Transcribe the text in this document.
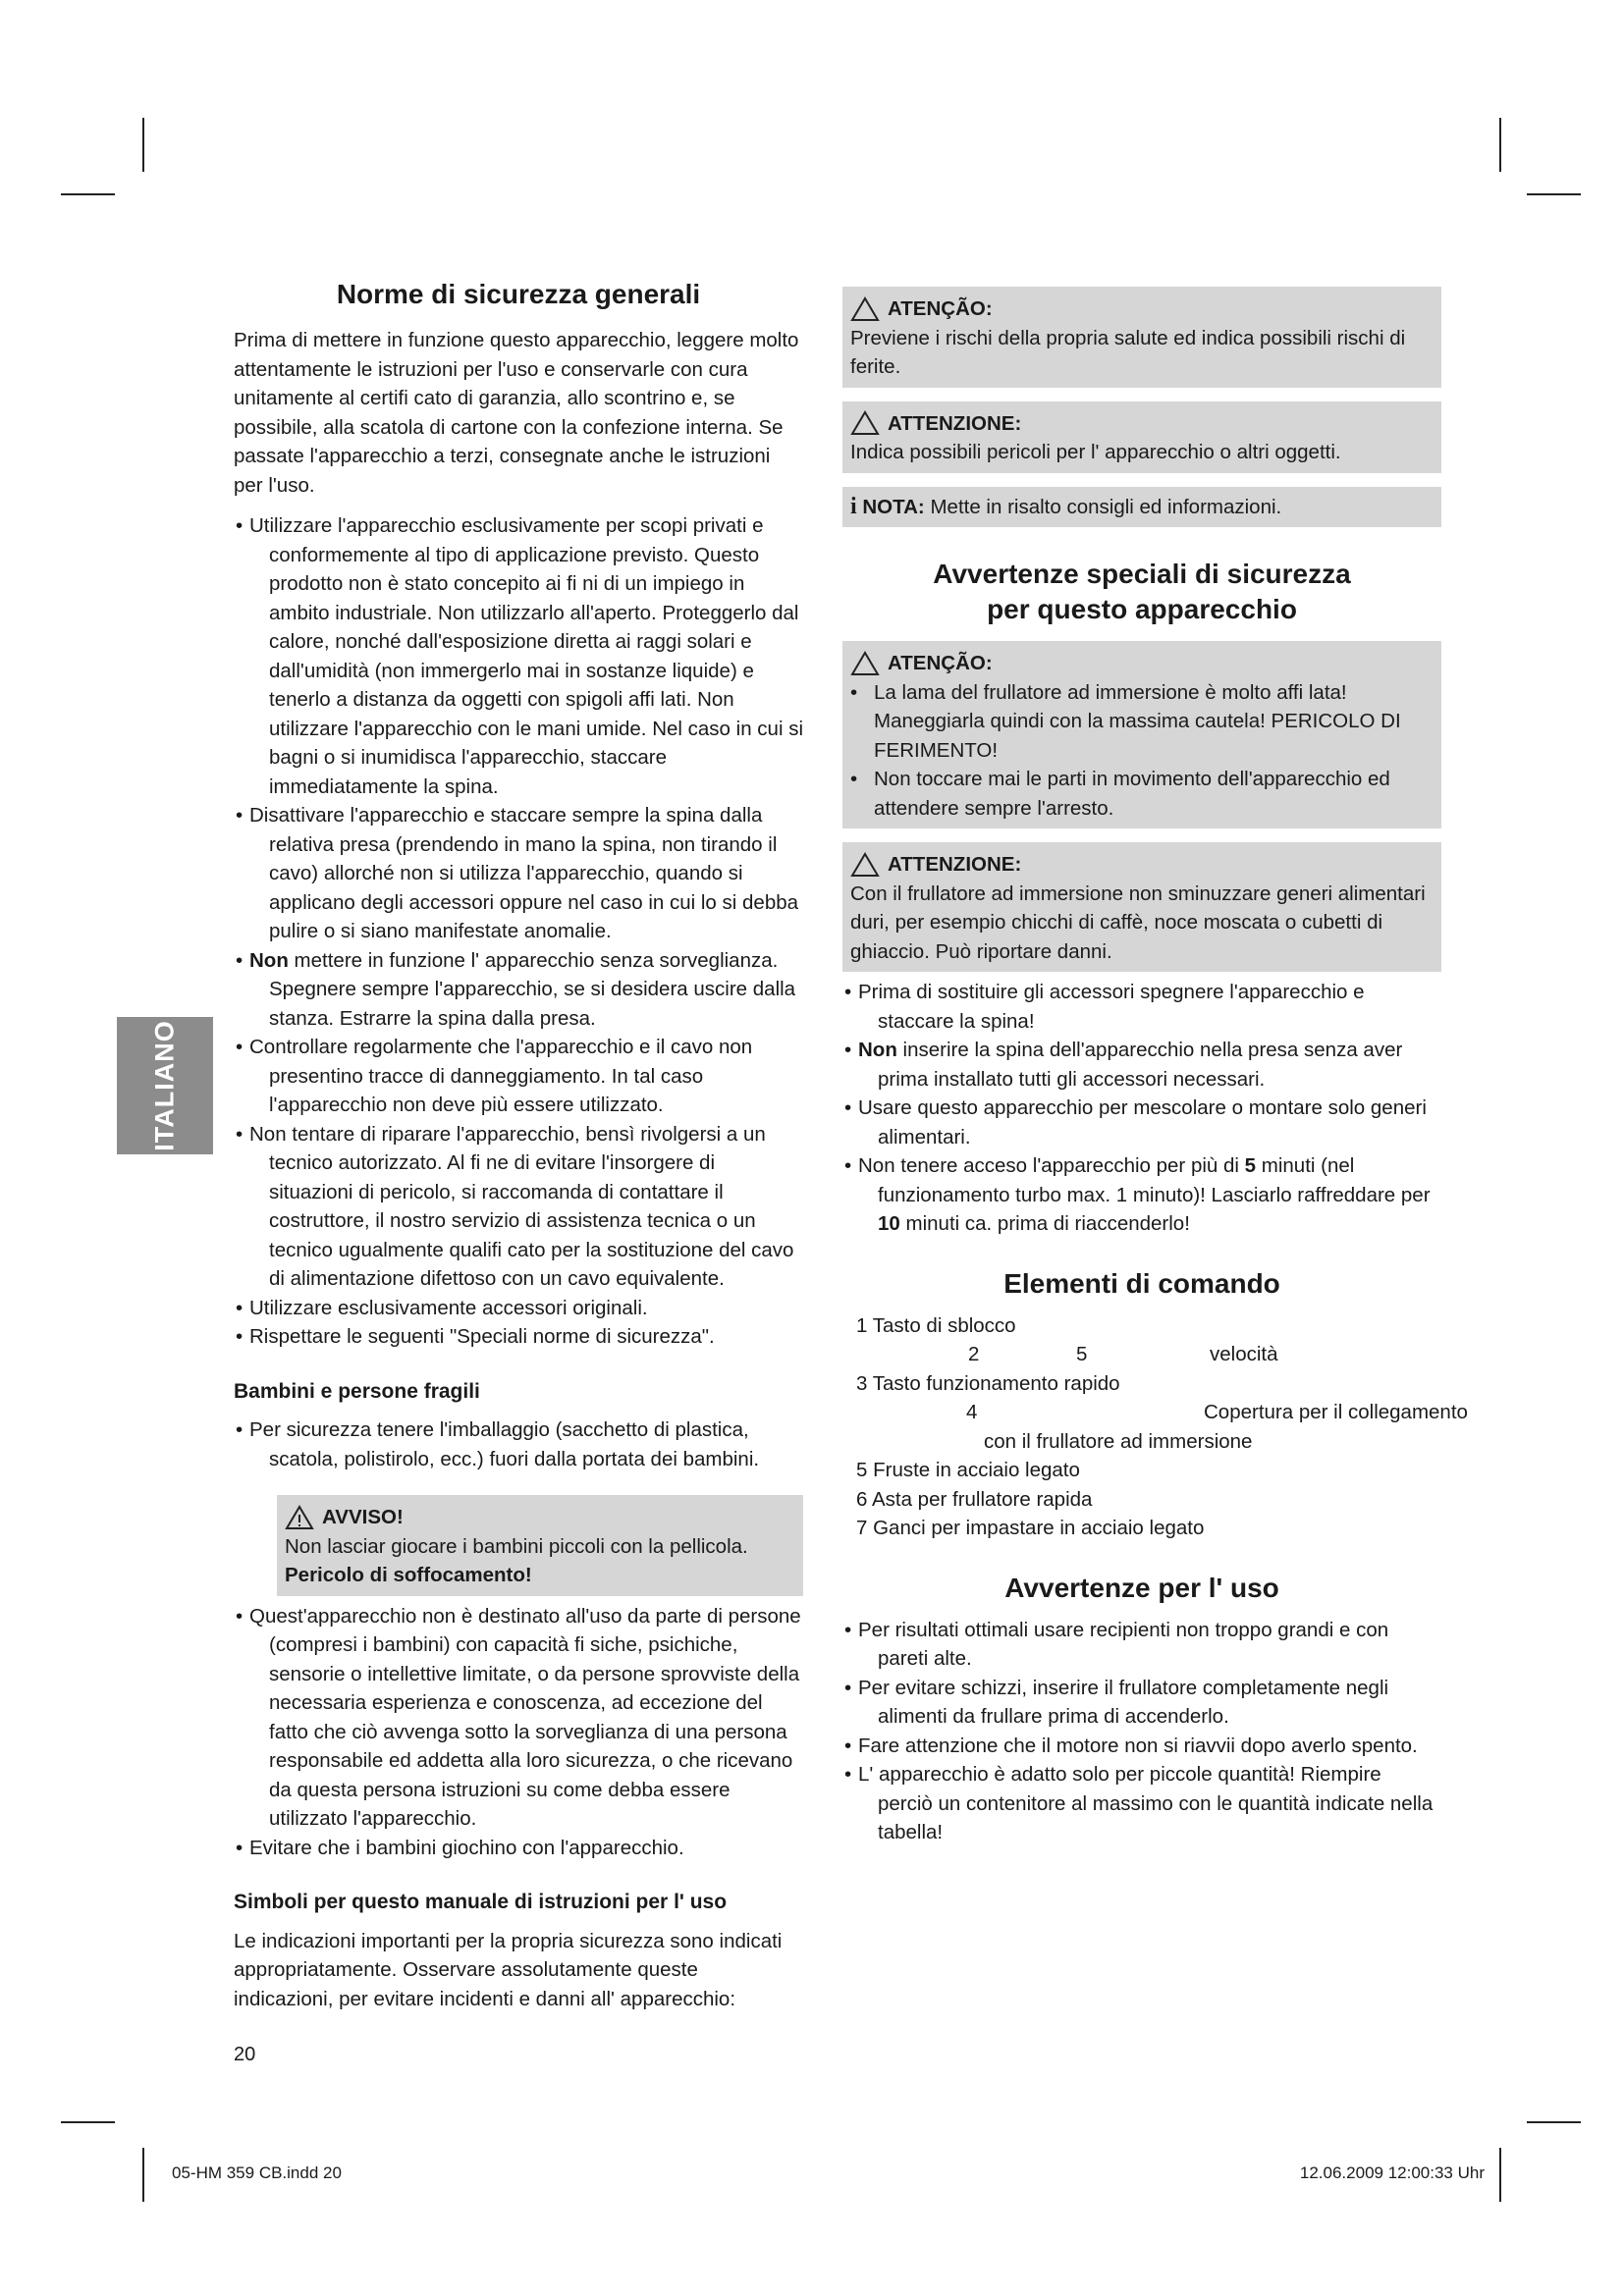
ITALIANO
Norme di sicurezza generali

Prima di mettere in funzione questo apparecchio, leggere molto attentamente le istruzioni per l'uso e conservarle con cura unitamente al certifi cato di garanzia, allo scontrino e, se possibile, alla scatola di cartone con la confezione interna. Se passate l'apparecchio a terzi, consegnate anche le istruzioni per l'uso.

• Utilizzare l'apparecchio esclusivamente per scopi privati e conformemente al tipo di applicazione previsto. Questo prodotto non è stato concepito ai fi ni di un impiego in ambito industriale. Non utilizzarlo all'aperto. Proteggerlo dal calore, nonché dall'esposizione diretta ai raggi solari e dall'umidità (non immergerlo mai in sostanze liquide) e tenerlo a distanza da oggetti con spigoli affi lati. Non utilizzare l'apparecchio con le mani umide. Nel caso in cui si bagni o si inumidisca l'apparecchio, staccare immediatamente la spina.
• Disattivare l'apparecchio e staccare sempre la spina dalla relativa presa (prendendo in mano la spina, non tirando il cavo) allorché non si utilizza l'apparecchio, quando si applicano degli accessori oppure nel caso in cui lo si debba pulire o si siano manifestate anomalie.
• Non mettere in funzione l' apparecchio senza sorveglianza. Spegnere sempre l'apparecchio, se si desidera uscire dalla stanza. Estrarre la spina dalla presa.
• Controllare regolarmente che l'apparecchio e il cavo non presentino tracce di danneggiamento. In tal caso l'apparecchio non deve più essere utilizzato.
• Non tentare di riparare l'apparecchio, bensì rivolgersi a un tecnico autorizzato. Al fi ne di evitare l'insorgere di situazioni di pericolo, si raccomanda di contattare il costruttore, il nostro servizio di assistenza tecnica o un tecnico ugualmente qualifi cato per la sostituzione del cavo di alimentazione difettoso con un cavo equivalente.
• Utilizzare esclusivamente accessori originali.
• Rispettare le seguenti "Speciali norme di sicurezza".
Bambini e persone fragili
• Per sicurezza tenere l'imballaggio (sacchetto di plastica, scatola, polistirolo, ecc.) fuori dalla portata dei bambini.
AVVISO!
Non lasciar giocare i bambini piccoli con la pellicola.
Pericolo di soffocamento!
• Quest'apparecchio non è destinato all'uso da parte di persone (compresi i bambini) con capacità fi siche, psichiche, sensorie o intellettive limitate, o da persone sprovviste della necessaria esperienza e conoscenza, ad eccezione del fatto che ciò avvenga sotto la sorveglianza di una persona responsabile ed addetta alla loro sicurezza, o che ricevano da questa persona istruzioni su come debba essere utilizzato l'apparecchio.
• Evitare che i bambini giochino con l'apparecchio.
Simboli per questo manuale di istruzioni per l' uso

Le indicazioni importanti per la propria sicurezza sono indicati appropriatamente. Osservare assolutamente queste indicazioni, per evitare incidenti e danni all' apparecchio:

ATENÇÃO:
Previene i rischi della propria salute ed indica possibili rischi di ferite.
ATTENZIONE:
Indica possibili pericoli per l' apparecchio o altri oggetti.
i NOTA: Mette in risalto consigli ed informazioni.
Avvertenze speciali di sicurezza
per questo apparecchio
ATENÇÃO:
• La lama del frullatore ad immersione è molto affi lata! Maneggiarla quindi con la massima cautela! PERICOLO DI FERIMENTO!
• Non toccare mai le parti in movimento dell'apparecchio ed attendere sempre l'arresto.
ATTENZIONE:
Con il frullatore ad immersione non sminuzzare generi alimentari duri, per esempio chicchi di caffè, noce moscata o cubetti di ghiaccio. Può riportare danni.
• Prima di sostituire gli accessori spegnere l'apparecchio e staccare la spina!
• Non inserire la spina dell'apparecchio nella presa senza aver prima installato tutti gli accessori necessari.
• Usare questo apparecchio per mescolare o montare solo generi alimentari.
• Non tenere acceso l'apparecchio per più di 5 minuti (nel funzionamento turbo max. 1 minuto)! Lasciarlo raffreddare per 10 minuti ca. prima di riaccenderlo!
Elementi di comando
1 Tasto di sblocco
2	5	velocità
3 Tasto funzionamento rapido
4	Copertura per il collegamento
con il frullatore ad immersione
5 Fruste in acciaio legato
6 Asta per frullatore rapida
7 Ganci per impastare in acciaio legato
Avvertenze per l' uso
• Per risultati ottimali usare recipienti non troppo grandi e con pareti alte.
• Per evitare schizzi, inserire il frullatore completamente negli alimenti da frullare prima di accenderlo.
• Fare attenzione che il motore non si riavvii dopo averlo spento.
• L' apparecchio è adatto solo per piccole quantità! Riempire perciò un contenitore al massimo con le quantità indicate nella tabella!
20
05-HM 359 CB.indd 20	12.06.2009 12:00:33 Uhr
